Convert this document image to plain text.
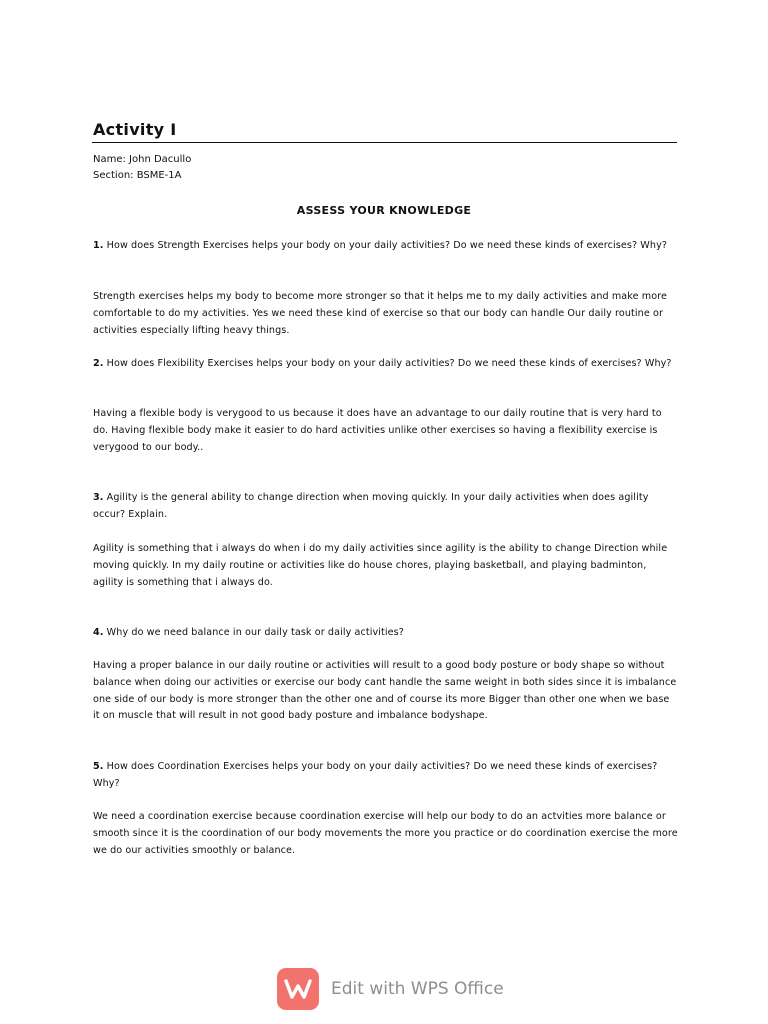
Activity I
Name: John Dacullo
Section: BSME-1A
ASSESS YOUR KNOWLEDGE
1. How does Strength Exercises helps your body on your daily activities? Do we need these kinds of exercises? Why?
Strength exercises helps my body to become more stronger so that it helps me to my daily activities and make more comfortable to do my activities. Yes we need these kind of exercise so that our body can handle Our daily routine or activities especially lifting heavy things.
2. How does Flexibility Exercises helps your body on your daily activities? Do we need these kinds of exercises? Why?
Having a flexible body is verygood to us because it does have an advantage to our daily routine that is very hard to do. Having flexible body make it easier to do hard activities unlike other exercises so having a flexibility exercise is verygood to our body..
3. Agility is the general ability to change direction when moving quickly. In your daily activities when does agility occur? Explain.
Agility is something that i always do when i do my daily activities since agility is the ability to change Direction while moving quickly. In my daily routine or activities like do house chores, playing basketball, and playing badminton, agility is something that i always do.
4. Why do we need balance in our daily task or daily activities?
Having a proper balance in our daily routine or activities will result to a good body posture or body shape so without balance when doing our activities or exercise our body cant handle the same weight in both sides since it is imbalance one side of our body is more stronger than the other one and of course its more Bigger than other one when we base it on muscle that will result in not good bady posture and imbalance bodyshape.
5. How does Coordination Exercises helps your body on your daily activities? Do we need these kinds of exercises? Why?
We need a coordination exercise because coordination exercise will help our body to do an actvities more balance or smooth since it is the coordination of our body movements the more you practice or do coordination exercise the more we do our activities smoothly or balance.
Edit with WPS Office
